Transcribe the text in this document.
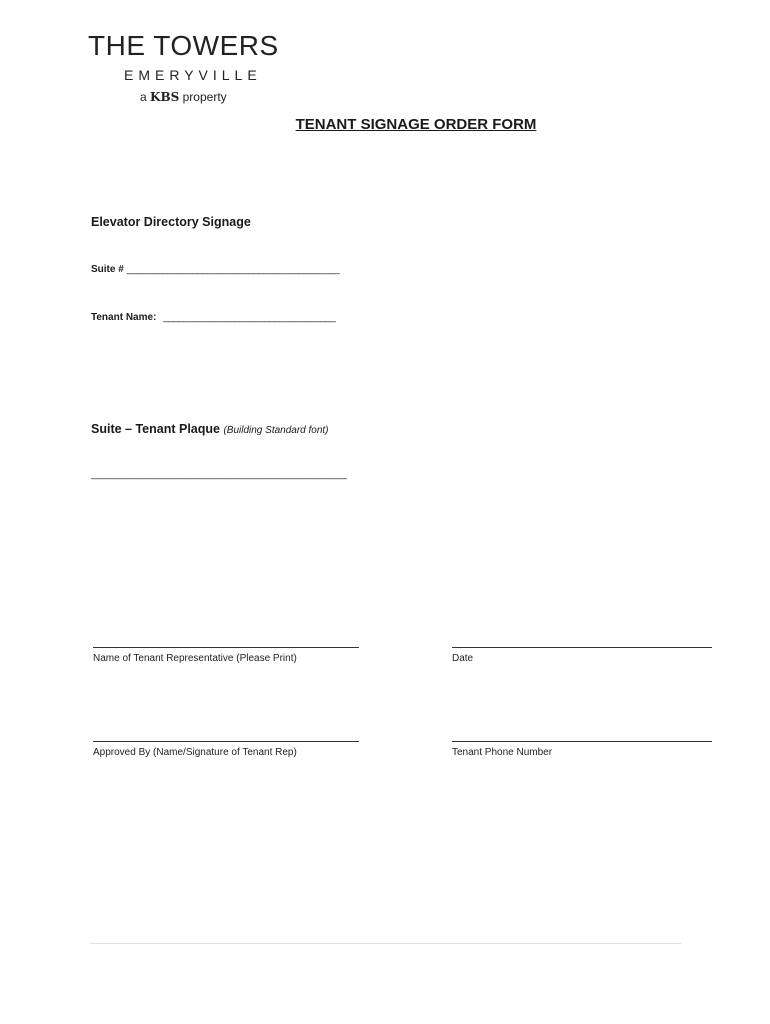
THE TOWERS
EMERYVILLE
a KBS property
TENANT SIGNAGE ORDER FORM
Elevator Directory Signage
Suite # __________________________________________
Tenant Name: __________________________________
Suite – Tenant Plaque (Building Standard font)
______________________________________________
Name of Tenant Representative (Please Print)	Date
Approved By (Name/Signature of Tenant Rep)	Tenant Phone Number
